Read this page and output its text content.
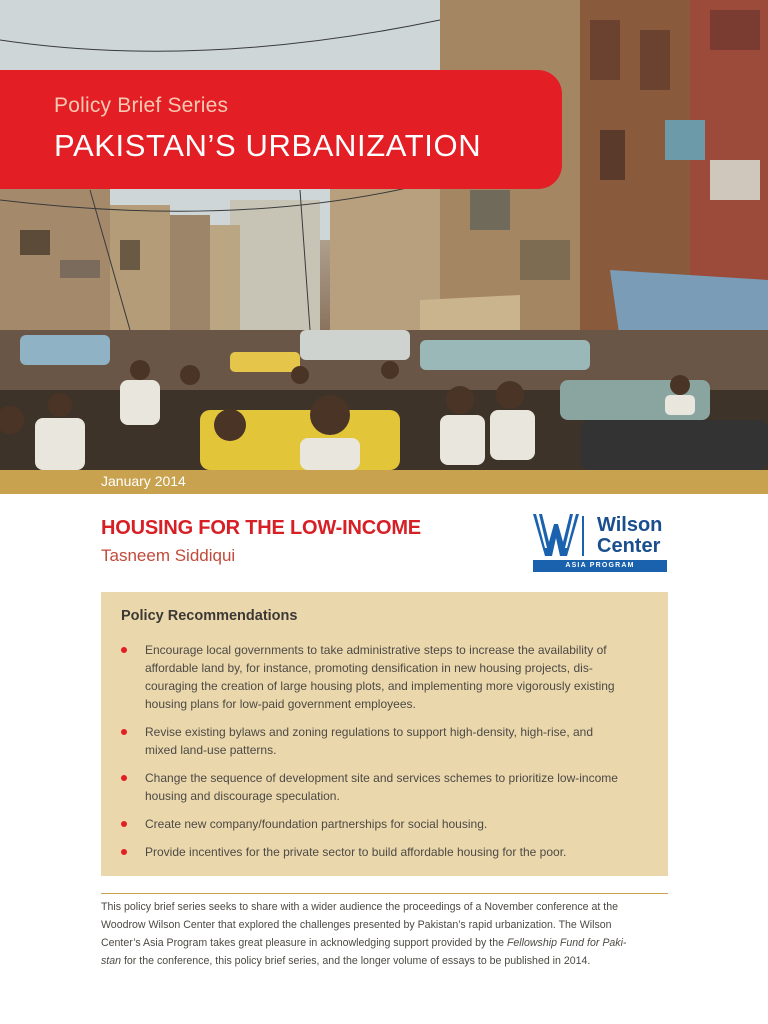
Policy Brief Series
PAKISTAN’S URBANIZATION
January 2014
HOUSING FOR THE LOW-INCOME
Tasneem Siddiqui
Wilson
Center
ASIA PROGRAM
Policy Recommendations
Encourage local governments to take administrative steps to increase the availability of
affordable land by, for instance, promoting densification in new housing projects, dis-
couraging the creation of large housing plots, and implementing more vigorously existing
housing plans for low-paid government employees.
Revise existing bylaws and zoning regulations to support high-density, high-rise, and
mixed land-use patterns.
Change the sequence of development site and services schemes to prioritize low-income
housing and discourage speculation.
Create new company/foundation partnerships for social housing.
Provide incentives for the private sector to build affordable housing for the poor.
This policy brief series seeks to share with a wider audience the proceedings of a November conference at the
Woodrow Wilson Center that explored the challenges presented by Pakistan’s rapid urbanization. The Wilson
Center’s Asia Program takes great pleasure in acknowledging support provided by the Fellowship Fund for Paki-
stan for the conference, this policy brief series, and the longer volume of essays to be published in 2014.
